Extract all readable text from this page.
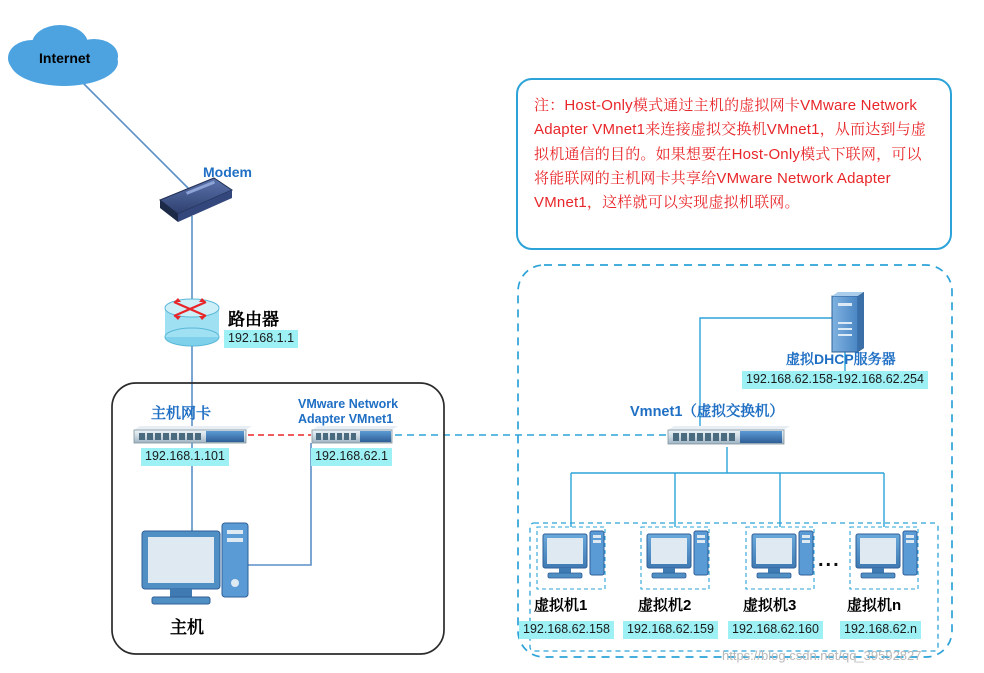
Internet
Modem
路由器
192.168.1.1
主机网卡
192.168.1.101
VMware Network
Adapter VMnet1
192.168.62.1
主机
Vmnet1（虚拟交换机）
虚拟DHCP服务器
192.168.62.158-192.168.62.254
虚拟机1
192.168.62.158
虚拟机2
192.168.62.159
虚拟机3
192.168.62.160
虚拟机n
192.168.62.n
...
注：Host-Only模式通过主机的虚拟网卡VMware Network Adapter VMnet1来连接虚拟交换机VMnet1，从而达到与虚拟机通信的目的。如果想要在Host-Only模式下联网，可以将能联网的主机网卡共享给VMware Network Adapter VMnet1，这样就可以实现虚拟机联网。
https://blog.csdn.net/qq_39592827
